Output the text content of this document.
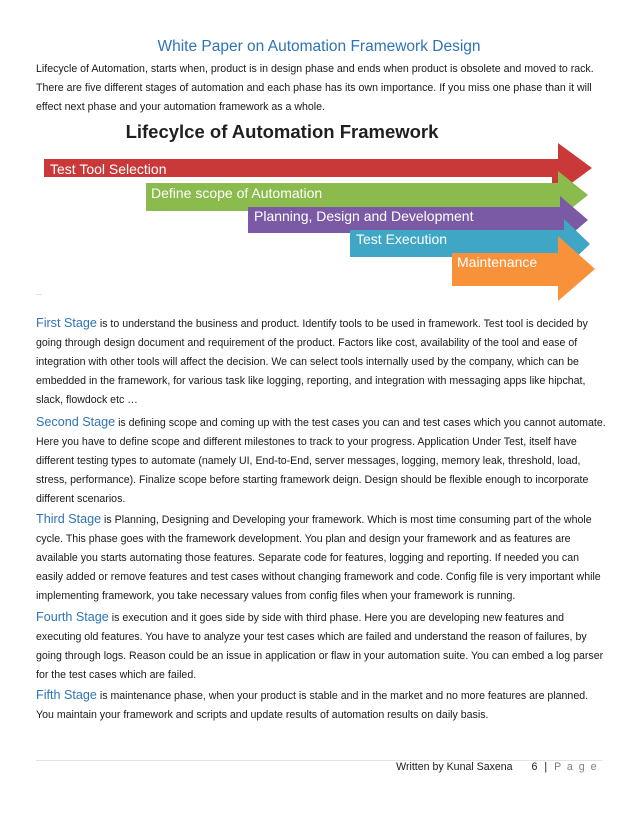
White Paper on Automation Framework Design
Lifecycle of Automation, starts when, product is in design phase and ends when product is obsolete and moved to rack. There are five different stages of automation and each phase has its own importance. If you miss one phase than it will effect next phase and your automation framework as a whole.
Lifecylce of Automation Framework
Test Tool Selection
Define scope of Automation
Planning, Design and Development
Test Execution
Maintenance
...
First Stage is to understand the business and product. Identify tools to be used in framework. Test tool is decided by going through design document and requirement of the product. Factors like cost, availability of the tool and ease of integration with other tools will affect the decision. We can select tools internally used by the company, which can be embedded in the framework, for various task like logging, reporting, and integration with messaging apps like hipchat, slack, flowdock etc …
Second Stage is defining scope and coming up with the test cases you can and test cases which you cannot automate. Here you have to define scope and different milestones to track to your progress. Application Under Test, itself have different testing types to automate (namely UI, End-to-End, server messages, logging, memory leak, threshold, load, stress, performance). Finalize scope before starting framework deign. Design should be flexible enough to incorporate different scenarios.
Third Stage is Planning, Designing and Developing your framework. Which is most time consuming part of the whole cycle. This phase goes with the framework development. You plan and design your framework and as features are available you starts automating those features. Separate code for features, logging and reporting. If needed you can easily added or remove features and test cases without changing framework and code. Config file is very important while implementing framework, you take necessary values from config files when your framework is running.
Fourth Stage is execution and it goes side by side with third phase. Here you are developing new features and executing old features. You have to analyze your test cases which are failed and understand the reason of failures, by going through logs. Reason could be an issue in application or flaw in your automation suite. You can embed a log parser for the test cases which are failed.
Fifth Stage is maintenance phase, when your product is stable and in the market and no more features are planned. You maintain your framework and scripts and update results of automation results on daily basis.
Written by Kunal Saxena 6 | P a g e
